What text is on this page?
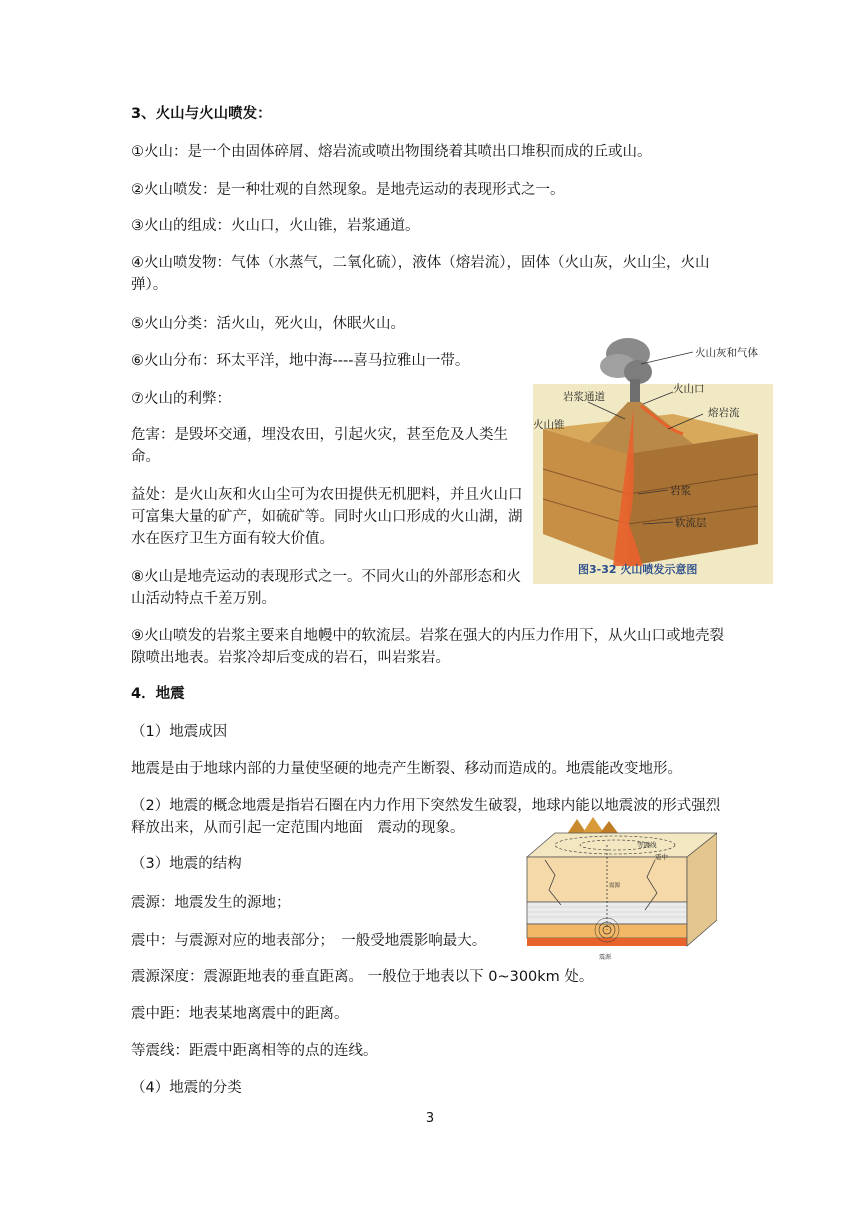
3、火山与火山喷发：
①火山：是一个由固体碎屑、熔岩流或喷出物围绕着其喷出口堆积而成的丘或山。
②火山喷发：是一种壮观的自然现象。是地壳运动的表现形式之一。
③火山的组成：火山口，火山锥，岩浆通道。
④火山喷发物：气体（水蒸气，二氧化硫），液体（熔岩流），固体（火山灰，火山尘，火山弹）。
⑤火山分类：活火山，死火山，休眠火山。
⑥火山分布：环太平洋，地中海----喜马拉雅山一带。
⑦火山的利弊：
危害：是毁坏交通，埋没农田，引起火灾，甚至危及人类生命。
益处：是火山灰和火山尘可为农田提供无机肥料，并且火山口可富集大量的矿产，如硫矿等。同时火山口形成的火山湖，湖水在医疗卫生方面有较大价值。
⑧火山是地壳运动的表现形式之一。不同火山的外部形态和火山活动特点千差万别。
⑨火山喷发的岩浆主要来自地幔中的软流层。岩浆在强大的内压力作用下，从火山口或地壳裂隙喷出地表。岩浆冷却后变成的岩石，叫岩浆岩。
火山灰和气体
岩浆通道
火山口
火山锥
熔岩流
岩浆
软流层
图3-32 火山喷发示意图
4．地震
（1）地震成因
地震是由于地球内部的力量使坚硬的地壳产生断裂、移动而造成的。地震能改变地形。
（2）地震的概念地震是指岩石圈在内力作用下突然发生破裂，地球内能以地震波的形式强烈释放出来，从而引起一定范围内地面　震动的现象。
（3）地震的结构
震源：地震发生的源地；
震中：与震源对应的地表部分；　一般受地震影响最大。
震源深度：震源距地表的垂直距离。 一般位于地表以下 0~300km 处。
震中距：地表某地离震中的距离。
等震线：距震中距离相等的点的连线。
（4）地震的分类
等震线
震中
震源
震源
3
